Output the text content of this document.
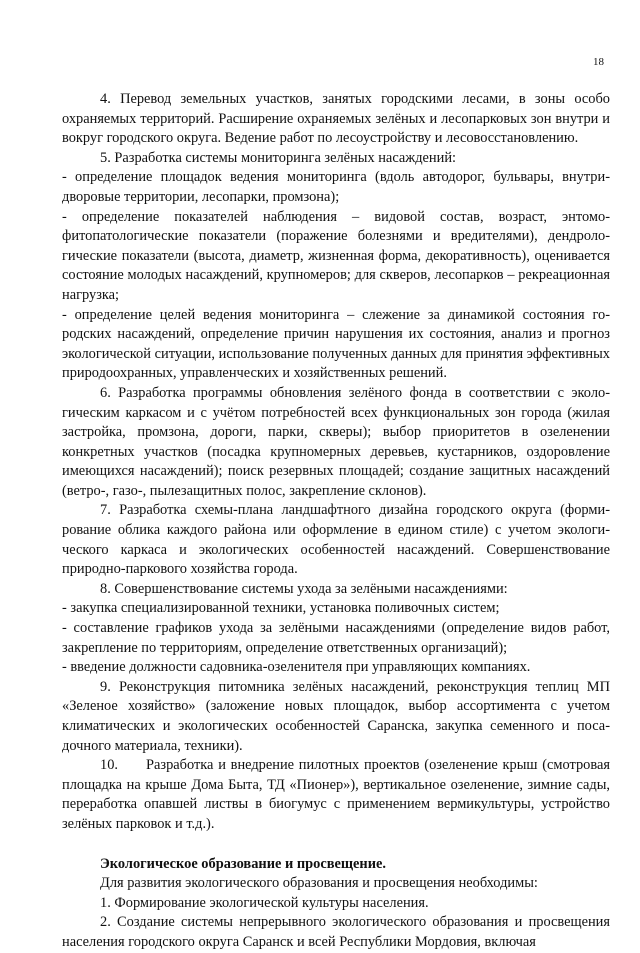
18

4. Перевод земельных участков, занятых городскими лесами, в зоны особо охраняемых территорий. Расширение охраняемых зелёных и лесопарковых зон внутри и вокруг городского округа. Ведение работ по лесоустройству и лесовосстановлению.

5. Разработка системы мониторинга зелёных насаждений:

- определение площадок ведения мониторинга (вдоль автодорог, бульвары, внутридворовые территории, лесопарки, промзона);

- определение показателей наблюдения – видовой состав, возраст, энтомофитопатологические показатели (поражение болезнями и вредителями), дендрологические показатели (высота, диаметр, жизненная форма, декоративность), оценивается состояние молодых насаждений, крупномеров; для скверов, лесопарков – рекреационная нагрузка;

- определение целей ведения мониторинга – слежение за динамикой состояния городских насаждений, определение причин нарушения их состояния, анализ и прогноз экологической ситуации, использование полученных данных для принятия эффективных природоохранных, управленческих и хозяйственных решений.

6. Разработка программы обновления зелёного фонда в соответствии с экологическим каркасом и с учётом потребностей всех функциональных зон города (жилая застройка, промзона, дороги, парки, скверы); выбор приоритетов в озеленении конкретных участков (посадка крупномерных деревьев, кустарников, оздоровление имеющихся насаждений); поиск резервных площадей; создание защитных насаждений (ветро-, газо-, пылезащитных полос, закрепление склонов).

7. Разработка схемы-плана ландшафтного дизайна городского округа (формирование облика каждого района или оформление в едином стиле) с учетом экологического каркаса и экологических особенностей насаждений. Совершенствование природно-паркового хозяйства города.

8. Совершенствование системы ухода за зелёными насаждениями:

- закупка специализированной техники, установка поливочных систем;

- составление графиков ухода за зелёными насаждениями (определение видов работ, закрепление по территориям, определение ответственных организаций);

- введение должности садовника-озеленителя при управляющих компаниях.

9. Реконструкция питомника зелёных насаждений, реконструкция теплиц МП «Зеленое хозяйство» (заложение новых площадок, выбор ассортимента с учетом климатических и экологических особенностей Саранска, закупка семенного и посадочного материала, техники).

10. Разработка и внедрение пилотных проектов (озеленение крыш (смотровая площадка на крыше Дома Быта, ТД «Пионер»), вертикальное озеленение, зимние сады, переработка опавшей листвы в биогумус с применением вермикультуры, устройство зелёных парковок и т.д.).

Экологическое образование и просвещение.

Для развития экологического образования и просвещения необходимы:

1. Формирование экологической культуры населения.

2. Создание системы непрерывного экологического образования и просвещения населения городского округа Саранск и всей Республики Мордовия, включая
